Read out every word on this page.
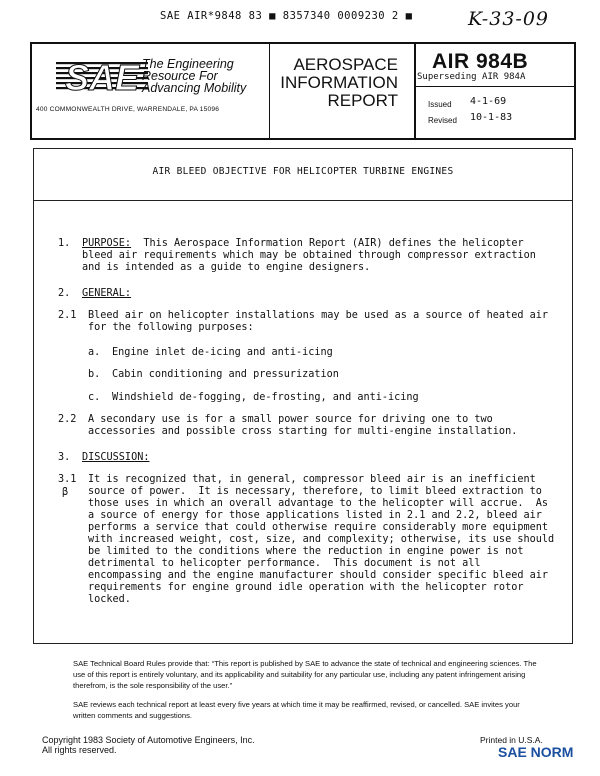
SAE AIR*9848 83 ■ 8357340 0009230 2 ■	K-33-09
SAE The Engineering
Resource For
Advancing Mobility
400 COMMONWEALTH DRIVE, WARRENDALE, PA 15096
AEROSPACE
INFORMATION
REPORT
AIR 984B
Superseding AIR 984A
Issued 4-1-69
Revised 10-1-83
AIR BLEED OBJECTIVE FOR HELICOPTER TURBINE ENGINES
1. PURPOSE: This Aerospace Information Report (AIR) defines the helicopter
bleed air requirements which may be obtained through compressor extraction
and is intended as a guide to engine designers.
2. GENERAL:
2.1 Bleed air on helicopter installations may be used as a source of heated air
for the following purposes:
a. Engine inlet de-icing and anti-icing
b. Cabin conditioning and pressurization
c. Windshield de-fogging, de-frosting, and anti-icing
2.2 A secondary use is for a small power source for driving one to two
accessories and possible cross starting for multi-engine installation.
3. DISCUSSION:
3.1
β
It is recognized that, in general, compressor bleed air is an inefficient
source of power.  It is necessary, therefore, to limit bleed extraction to
those uses in which an overall advantage to the helicopter will accrue.  As
a source of energy for those applications listed in 2.1 and 2.2, bleed air
performs a service that could otherwise require considerably more equipment
with increased weight, cost, size, and complexity; otherwise, its use should
be limited to the conditions where the reduction in engine power is not
detrimental to helicopter performance.  This document is not all
encompassing and the engine manufacturer should consider specific bleed air
requirements for engine ground idle operation with the helicopter rotor
locked.

SAE Technical Board Rules provide that: “This report is published by SAE to advance the state of technical and engineering sciences. The use of this report is entirely voluntary, and its applicability and suitability for any particular use, including any patent infringement arising therefrom, is the sole responsibility of the user.”

SAE reviews each technical report at least every five years at which time it may be reaffirmed, revised, or cancelled. SAE invites your written comments and suggestions.

Copyright 1983 Society of Automotive Engineers, Inc.
All rights reserved.
Printed in U.S.A.
SAE NORM
